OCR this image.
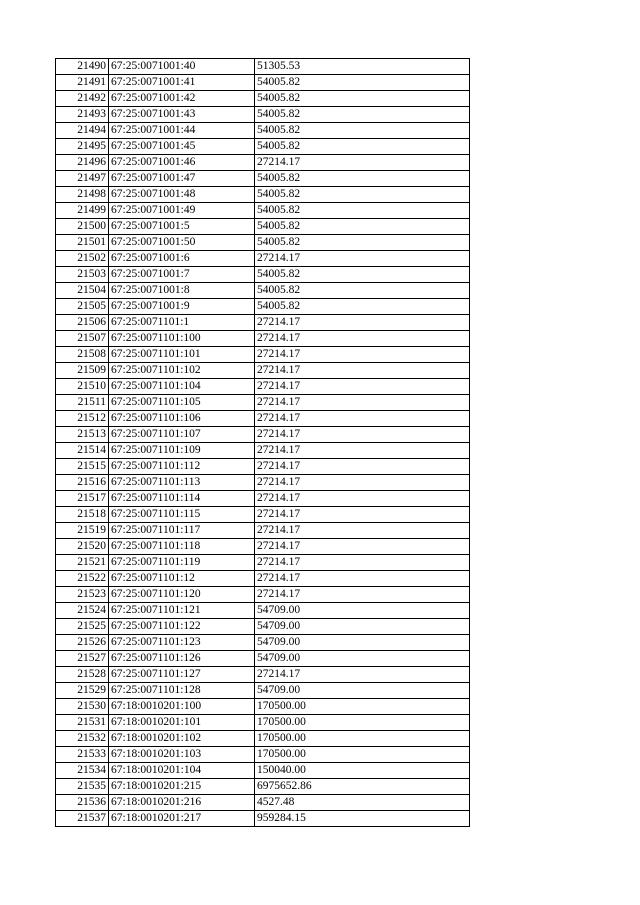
21490	67:25:0071001:40	51305.53
21491	67:25:0071001:41	54005.82
21492	67:25:0071001:42	54005.82
21493	67:25:0071001:43	54005.82
21494	67:25:0071001:44	54005.82
21495	67:25:0071001:45	54005.82
21496	67:25:0071001:46	27214.17
21497	67:25:0071001:47	54005.82
21498	67:25:0071001:48	54005.82
21499	67:25:0071001:49	54005.82
21500	67:25:0071001:5	54005.82
21501	67:25:0071001:50	54005.82
21502	67:25:0071001:6	27214.17
21503	67:25:0071001:7	54005.82
21504	67:25:0071001:8	54005.82
21505	67:25:0071001:9	54005.82
21506	67:25:0071101:1	27214.17
21507	67:25:0071101:100	27214.17
21508	67:25:0071101:101	27214.17
21509	67:25:0071101:102	27214.17
21510	67:25:0071101:104	27214.17
21511	67:25:0071101:105	27214.17
21512	67:25:0071101:106	27214.17
21513	67:25:0071101:107	27214.17
21514	67:25:0071101:109	27214.17
21515	67:25:0071101:112	27214.17
21516	67:25:0071101:113	27214.17
21517	67:25:0071101:114	27214.17
21518	67:25:0071101:115	27214.17
21519	67:25:0071101:117	27214.17
21520	67:25:0071101:118	27214.17
21521	67:25:0071101:119	27214.17
21522	67:25:0071101:12	27214.17
21523	67:25:0071101:120	27214.17
21524	67:25:0071101:121	54709.00
21525	67:25:0071101:122	54709.00
21526	67:25:0071101:123	54709.00
21527	67:25:0071101:126	54709.00
21528	67:25:0071101:127	27214.17
21529	67:25:0071101:128	54709.00
21530	67:18:0010201:100	170500.00
21531	67:18:0010201:101	170500.00
21532	67:18:0010201:102	170500.00
21533	67:18:0010201:103	170500.00
21534	67:18:0010201:104	150040.00
21535	67:18:0010201:215	6975652.86
21536	67:18:0010201:216	4527.48
21537	67:18:0010201:217	959284.15
